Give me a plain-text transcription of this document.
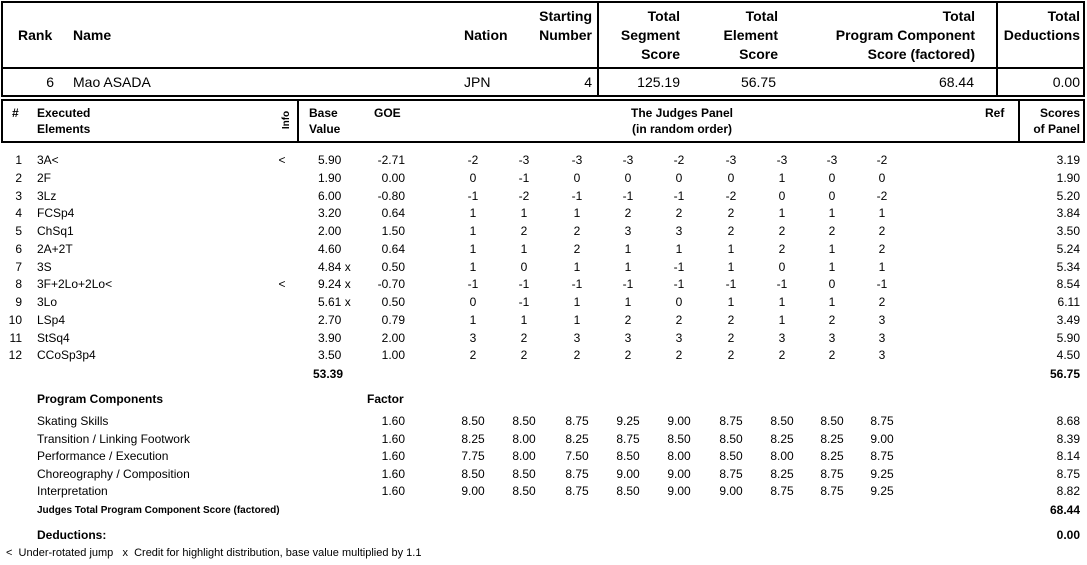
Rank Name	Nation
Starting
Number
Total
Segment
Score
Total
Element
Score
Total
Program Component
Score (factored)
Total
Deductions
6 Mao ASADA	JPN	4	125.19	56.75	68.44	0.00
# Executed
Elements	Info Base
Value
GOE	The Judges Panel
(in random order)
Ref	Scores
of Panel
1 3A<	<	5.90	-2.71	-2	-3	-3	-3	-2	-3	-3	-3	-2	3.19
2 2F	1.90	0.00	0	-1	0	0	0	0	1	0	0	1.90
3 3Lz	6.00	-0.80	-1	-2	-1	-1	-1	-2	0	0	-2	5.20
4 FCSp4	3.20	0.64	1	1	1	2	2	2	1	1	1	3.84
5 ChSq1	2.00	1.50	1	2	2	3	3	2	2	2	2	3.50
6 2A+2T	4.60	0.64	1	1	2	1	1	1	2	1	2	5.24
7 3S	4.84 x	0.50	1	0	1	1	-1	1	0	1	1	5.34
8 3F+2Lo+2Lo<	<	9.24 x	-0.70	-1	-1	-1	-1	-1	-1	-1	0	-1	8.54
9 3Lo	5.61 x	0.50	0	-1	1	1	0	1	1	1	2	6.11
10 LSp4	2.70	0.79	1	1	1	2	2	2	1	2	3	3.49
11 StSq4	3.90	2.00	3	2	3	3	3	2	3	3	3	5.90
12 CCoSp3p4	3.50	1.00	2	2	2	2	2	2	2	2	3	4.50
53.39	56.75
Program Components	Factor
Skating Skills	1.60	8.50	8.50	8.75	9.25	9.00	8.75	8.50	8.50	8.75	8.68
Transition / Linking Footwork	1.60	8.25	8.00	8.25	8.75	8.50	8.50	8.25	8.25	9.00	8.39
Performance / Execution	1.60	7.75	8.00	7.50	8.50	8.00	8.50	8.00	8.25	8.75	8.14
Choreography / Composition	1.60	8.50	8.50	8.75	9.00	9.00	8.75	8.25	8.75	9.25	8.75
Interpretation	1.60	9.00	8.50	8.75	8.50	9.00	9.00	8.75	8.75	9.25	8.82
Judges Total Program Component Score (factored)	68.44
Deductions:	0.00
<  Under-rotated jump   x  Credit for highlight distribution, base value multiplied by 1.1
